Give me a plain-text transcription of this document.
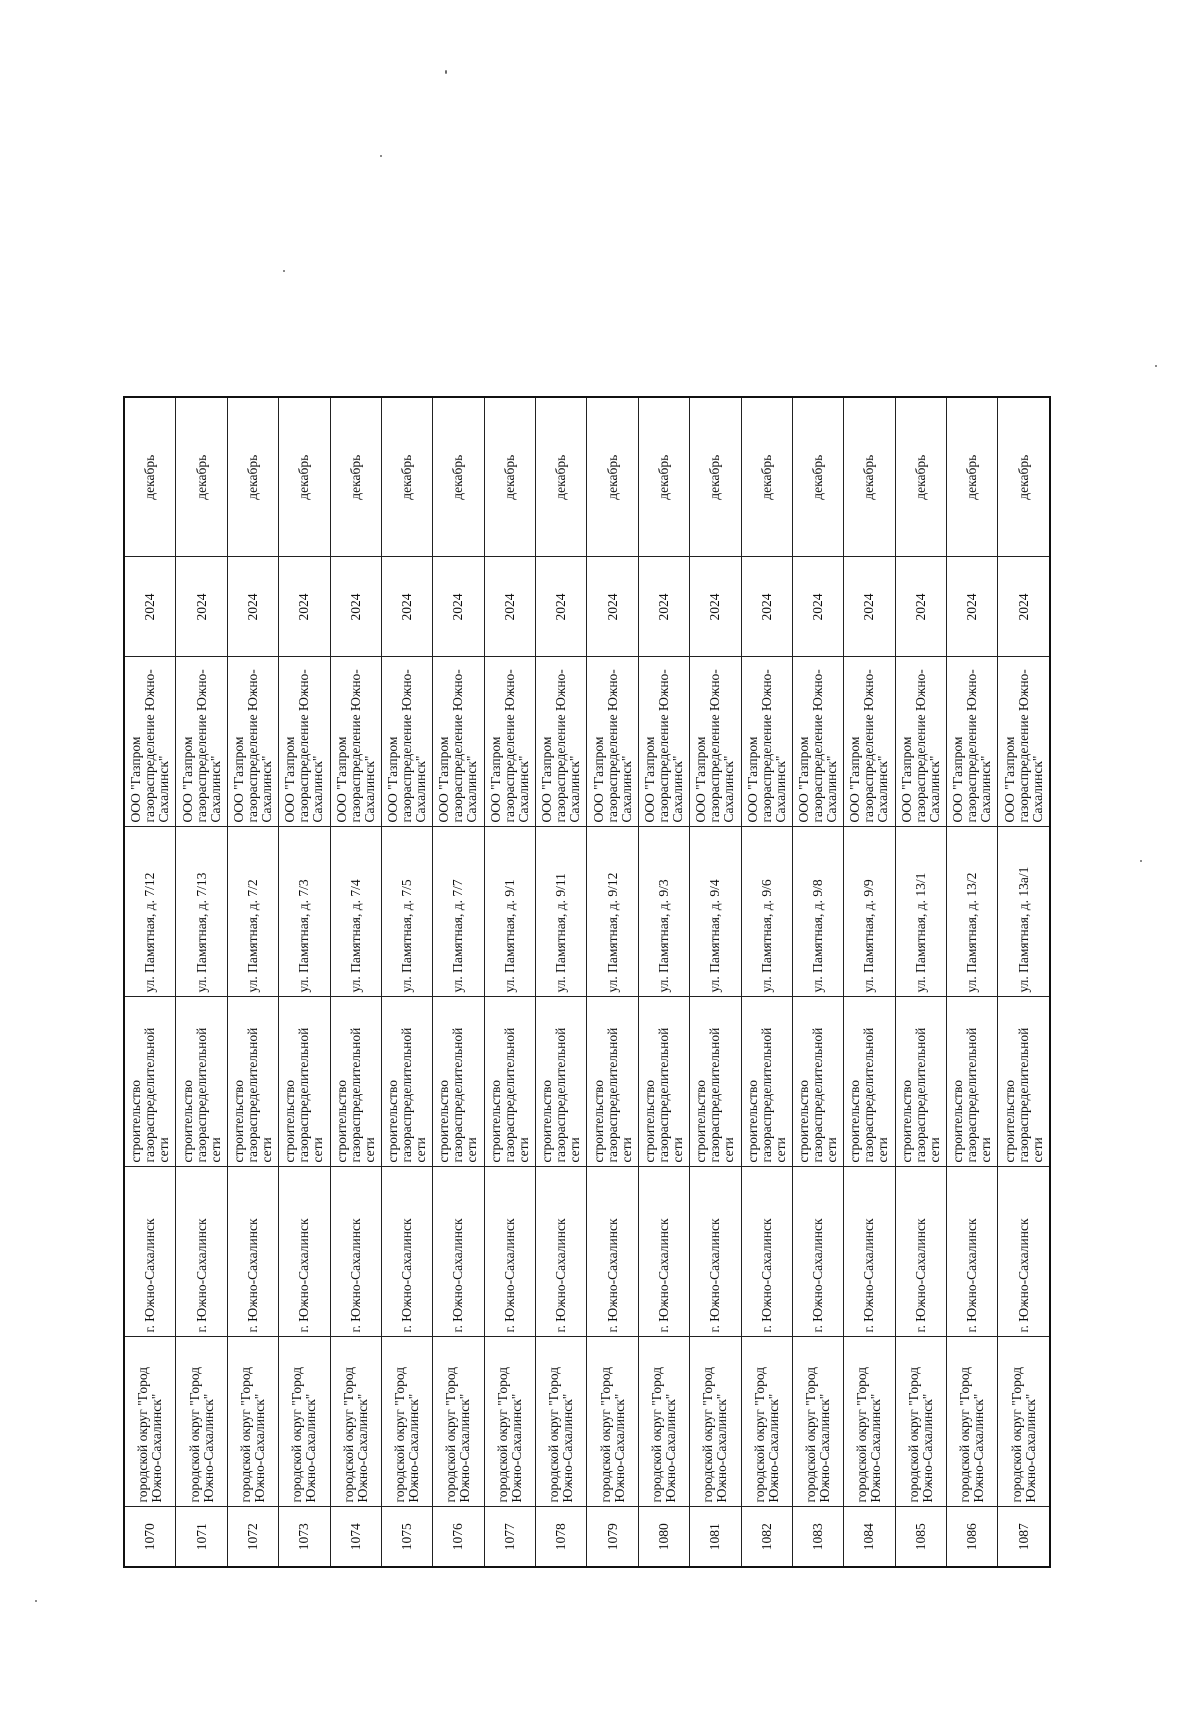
1070	городской округ "Город Южно-Сахалинск"	г. Южно-Сахалинск	строительство газораспределительной сети	ул. Памятная, д. 7/12	ООО "Газпром газораспределение Южно-Сахалинск"	2024	декабрь
1071	городской округ "Город Южно-Сахалинск"	г. Южно-Сахалинск	строительство газораспределительной сети	ул. Памятная, д. 7/13	ООО "Газпром газораспределение Южно-Сахалинск"	2024	декабрь
1072	городской округ "Город Южно-Сахалинск"	г. Южно-Сахалинск	строительство газораспределительной сети	ул. Памятная, д. 7/2	ООО "Газпром газораспределение Южно-Сахалинск"	2024	декабрь
1073	городской округ "Город Южно-Сахалинск"	г. Южно-Сахалинск	строительство газораспределительной сети	ул. Памятная, д. 7/3	ООО "Газпром газораспределение Южно-Сахалинск"	2024	декабрь
1074	городской округ "Город Южно-Сахалинск"	г. Южно-Сахалинск	строительство газораспределительной сети	ул. Памятная, д. 7/4	ООО "Газпром газораспределение Южно-Сахалинск"	2024	декабрь
1075	городской округ "Город Южно-Сахалинск"	г. Южно-Сахалинск	строительство газораспределительной сети	ул. Памятная, д. 7/5	ООО "Газпром газораспределение Южно-Сахалинск"	2024	декабрь
1076	городской округ "Город Южно-Сахалинск"	г. Южно-Сахалинск	строительство газораспределительной сети	ул. Памятная, д. 7/7	ООО "Газпром газораспределение Южно-Сахалинск"	2024	декабрь
1077	городской округ "Город Южно-Сахалинск"	г. Южно-Сахалинск	строительство газораспределительной сети	ул. Памятная, д. 9/1	ООО "Газпром газораспределение Южно-Сахалинск"	2024	декабрь
1078	городской округ "Город Южно-Сахалинск"	г. Южно-Сахалинск	строительство газораспределительной сети	ул. Памятная, д. 9/11	ООО "Газпром газораспределение Южно-Сахалинск"	2024	декабрь
1079	городской округ "Город Южно-Сахалинск"	г. Южно-Сахалинск	строительство газораспределительной сети	ул. Памятная, д. 9/12	ООО "Газпром газораспределение Южно-Сахалинск"	2024	декабрь
1080	городской округ "Город Южно-Сахалинск"	г. Южно-Сахалинск	строительство газораспределительной сети	ул. Памятная, д. 9/3	ООО "Газпром газораспределение Южно-Сахалинск"	2024	декабрь
1081	городской округ "Город Южно-Сахалинск"	г. Южно-Сахалинск	строительство газораспределительной сети	ул. Памятная, д. 9/4	ООО "Газпром газораспределение Южно-Сахалинск"	2024	декабрь
1082	городской округ "Город Южно-Сахалинск"	г. Южно-Сахалинск	строительство газораспределительной сети	ул. Памятная, д. 9/6	ООО "Газпром газораспределение Южно-Сахалинск"	2024	декабрь
1083	городской округ "Город Южно-Сахалинск"	г. Южно-Сахалинск	строительство газораспределительной сети	ул. Памятная, д. 9/8	ООО "Газпром газораспределение Южно-Сахалинск"	2024	декабрь
1084	городской округ "Город Южно-Сахалинск"	г. Южно-Сахалинск	строительство газораспределительной сети	ул. Памятная, д. 9/9	ООО "Газпром газораспределение Южно-Сахалинск"	2024	декабрь
1085	городской округ "Город Южно-Сахалинск"	г. Южно-Сахалинск	строительство газораспределительной сети	ул. Памятная, д. 13/1	ООО "Газпром газораспределение Южно-Сахалинск"	2024	декабрь
1086	городской округ "Город Южно-Сахалинск"	г. Южно-Сахалинск	строительство газораспределительной сети	ул. Памятная, д. 13/2	ООО "Газпром газораспределение Южно-Сахалинск"	2024	декабрь
1087	городской округ "Город Южно-Сахалинск"	г. Южно-Сахалинск	строительство газораспределительной сети	ул. Памятная, д. 13а/1	ООО "Газпром газораспределение Южно-Сахалинск"	2024	декабрь
